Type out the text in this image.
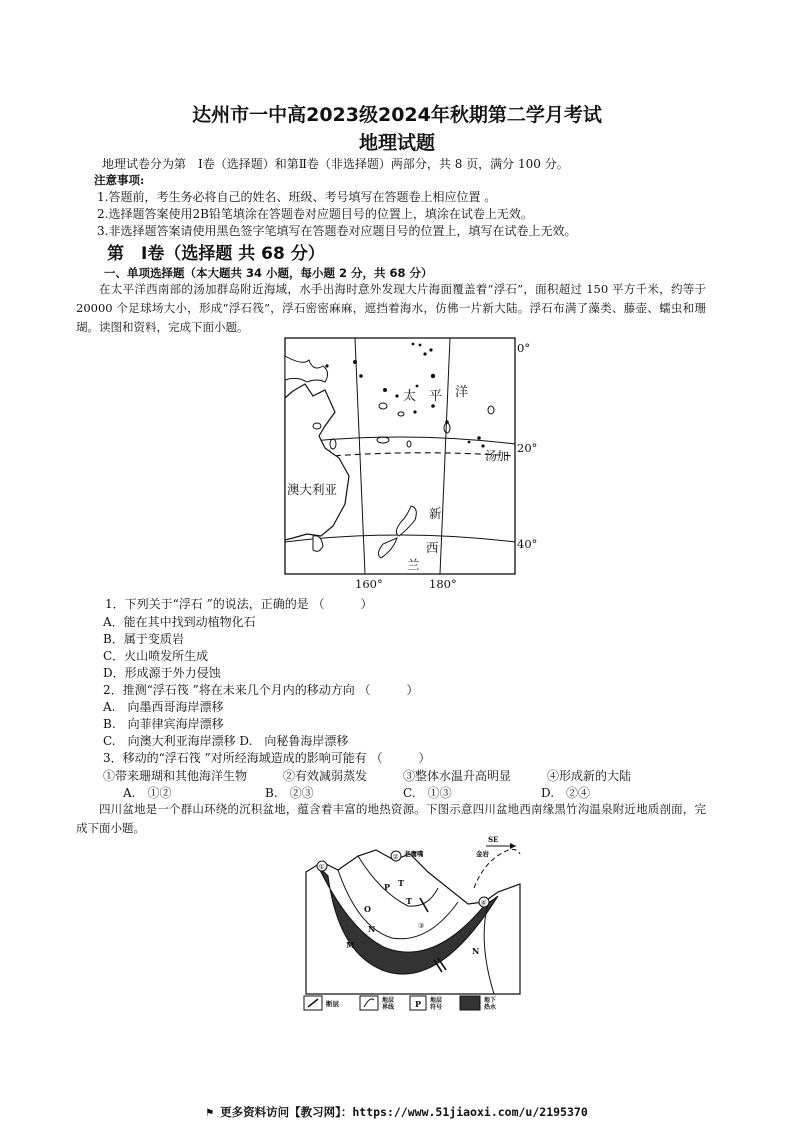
达州市一中高2023级2024年秋期第二学月考试
地理试题
地理试卷分为第　Ⅰ卷（选择题）和第Ⅱ卷（非选择题）两部分，共 8 页，满分 100 分。
注意事项:
1.答题前，考生务必将自己的姓名、班级、考号填写在答题卷上相应位置 。
2.选择题答案使用2B铅笔填涂在答题卷对应题目号的位置上，填涂在试卷上无效。
3.非选择题答案请使用黑色签字笔填写在答题卷对应题目号的位置上，填写在试卷上无效。
第　Ⅰ卷（选择题 共 68 分）
一、单项选择题（本大题共 34 小题，每小题 2 分，共 68 分）
在太平洋西南部的汤加群岛附近海域，水手出海时意外发现大片海面覆盖着“浮石”，面积超过 150 平方千米，约等于 20000 个足球场大小，形成“浮石筏”，浮石密密麻麻，遮挡着海水，仿佛一片新大陆。浮石布满了藻类、藤壶、蠕虫和珊瑚。读图和资料，完成下面小题。
太 平 洋
汤加
澳大利亚
新
西
兰
0°
20°
40°
160°	180°
1．下列关于“浮石 ”的说法，正确的是 （　　　）
A．能在其中找到动植物化石
B．属于变质岩
C．火山喷发所生成
D．形成源于外力侵蚀
2．推测“浮石筏 ”将在未来几个月内的移动方向 （　　　）
A.　向墨西哥海岸漂移
B.　向菲律宾海岸漂移
C.　向澳大利亚海岸漂移 D.　向秘鲁海岸漂移
3．移动的“浮石筏 ”对所经海域造成的影响可能有 （　　　）
①带来珊瑚和其他海洋生物　　　②有效减弱蒸发　　　③整体水温升高明显　　　④形成新的大陆
A.　①②	B.　②③	C.　①③	D.　②④
四川盆地是一个群山环绕的沉积盆地，蕴含着丰富的地热资源。下图示意四川盆地西南缘黑竹沟温泉附近地质剖面，完成下面小题。
①
②
③
④
老鹰嘴	金岩
SE
P T
T
O
N
N
M
断层	地层
界线	P 地层
符号
地下
热水
⚑ 更多资料访问【教习网】：https://www.51jiaoxi.com/u/2195370
